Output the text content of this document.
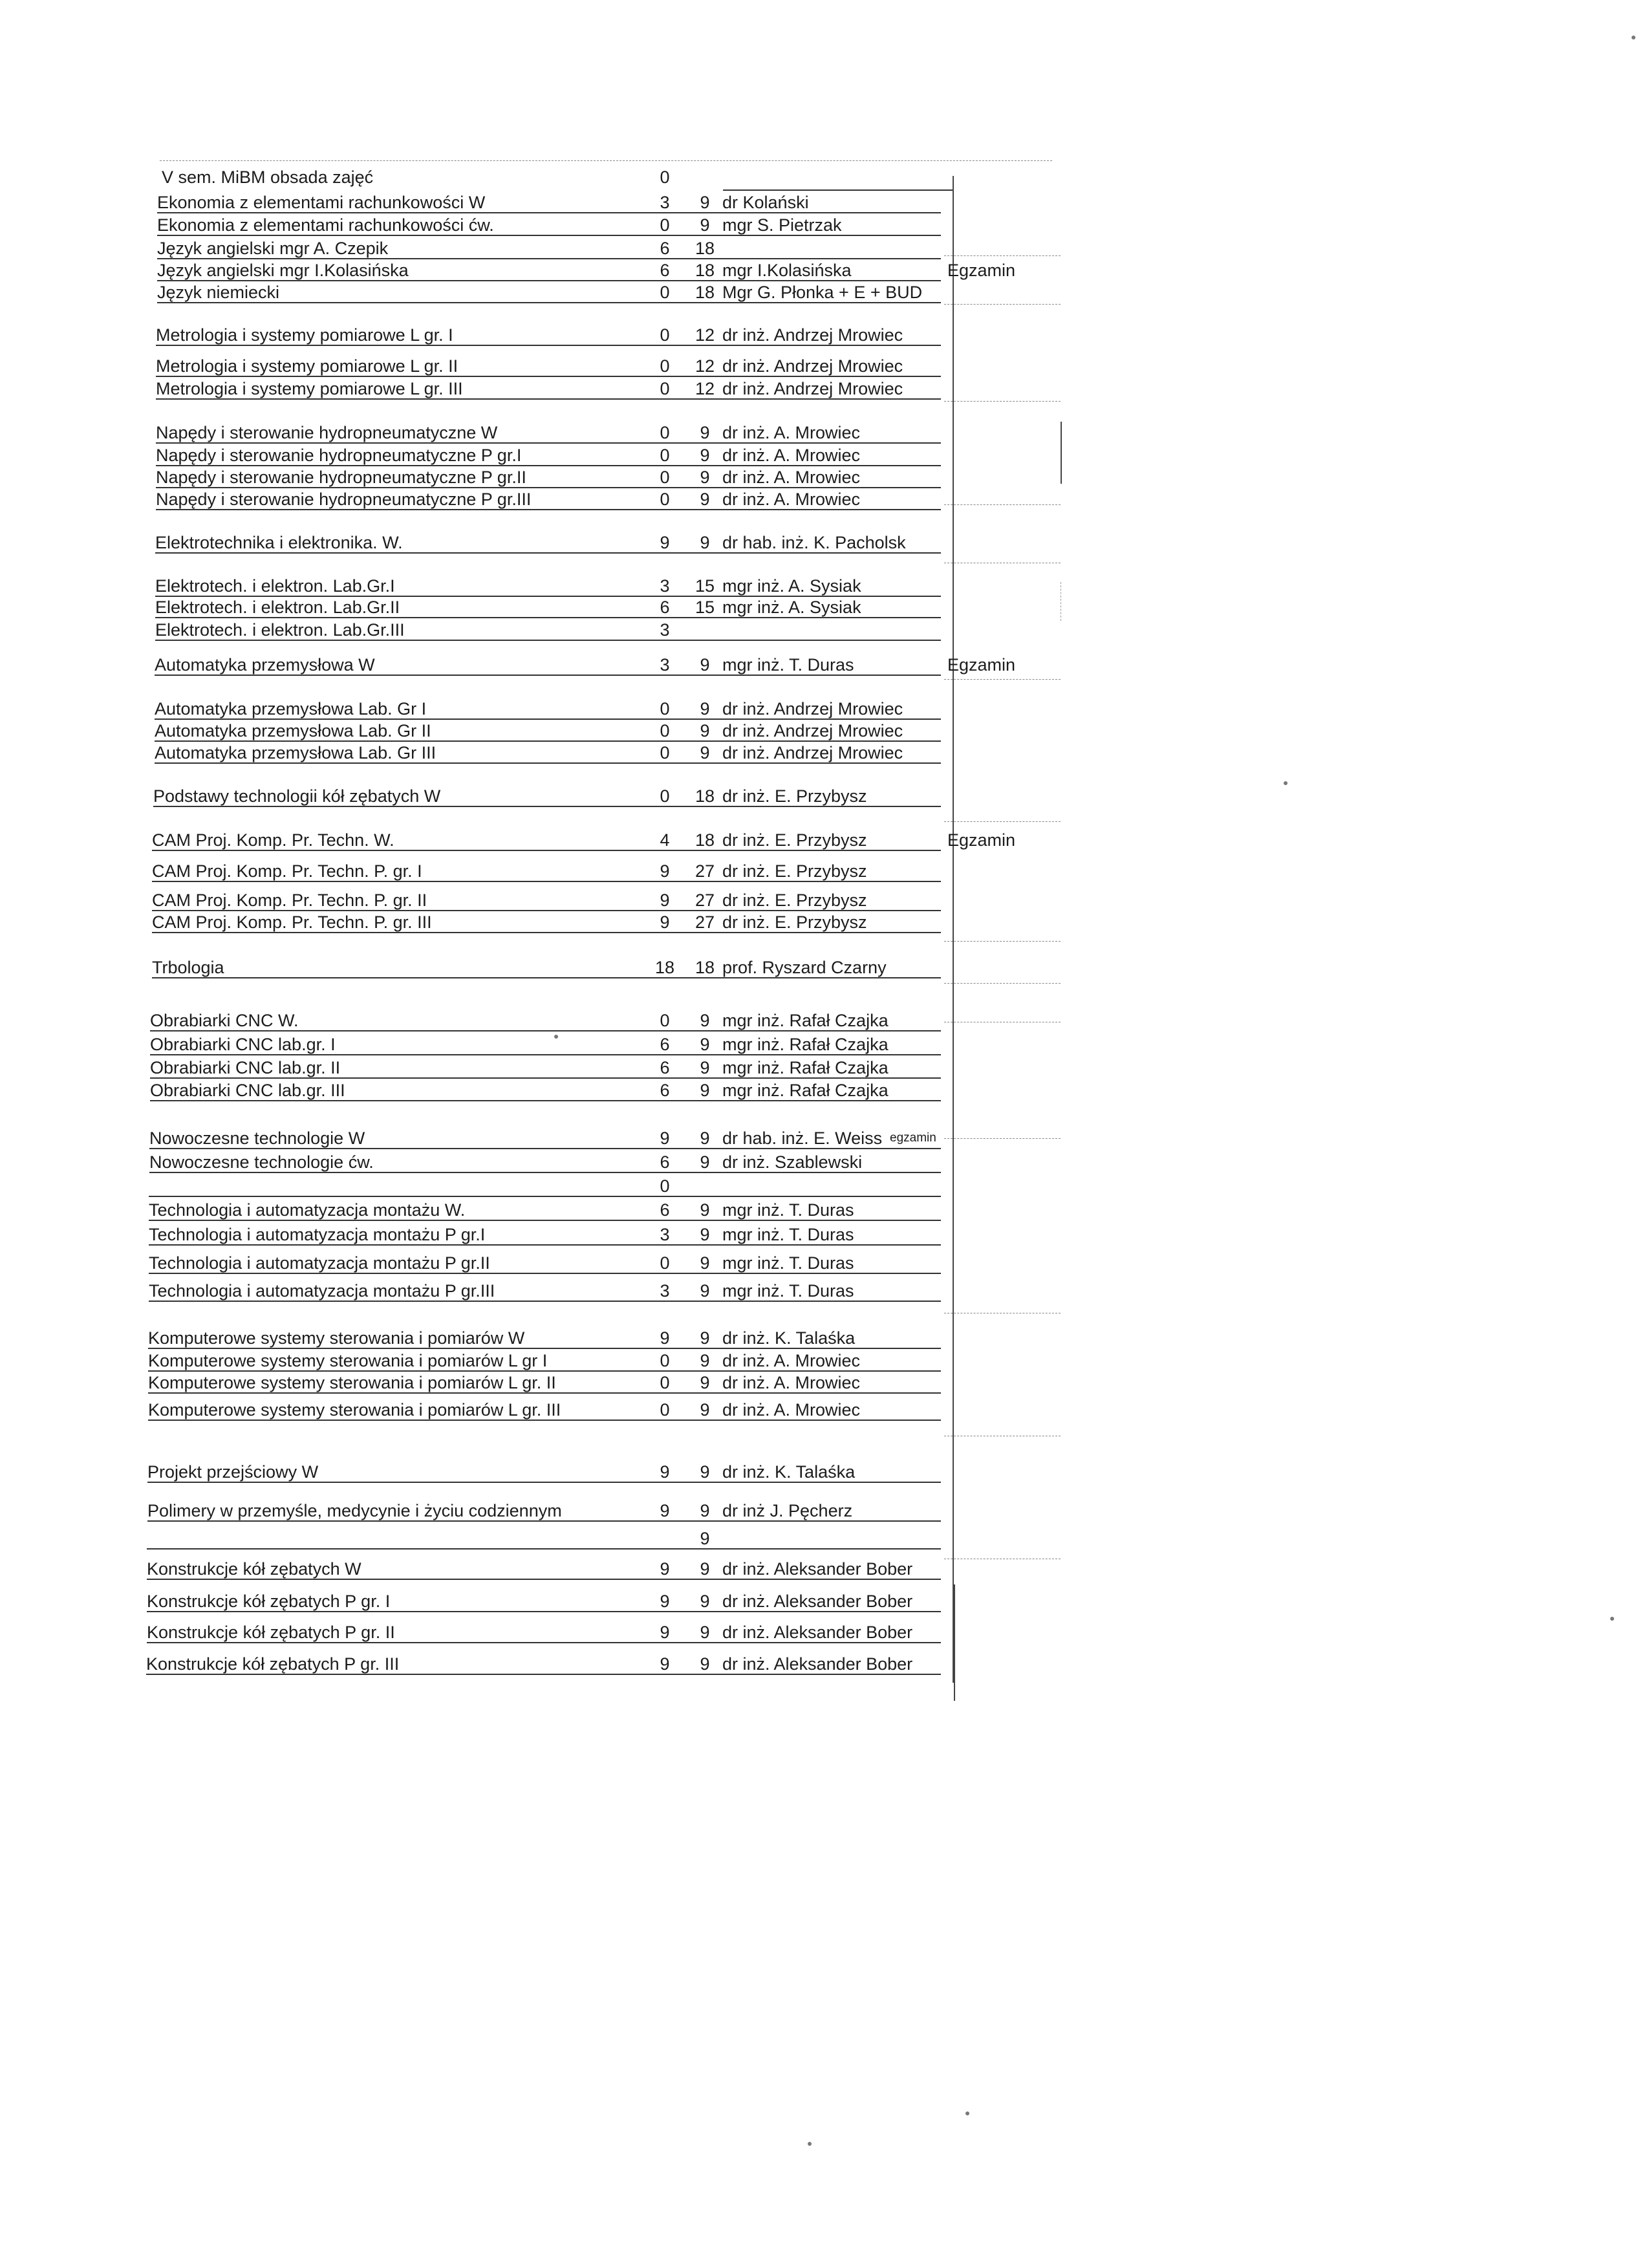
V sem. MiBM obsada zajęć	0
Ekonomia z elementami rachunkowości W	3	9 dr Kolański
Ekonomia z elementami rachunkowości ćw.	0	9 mgr S. Pietrzak
Język angielski mgr A. Czepik	6 18
Język angielski mgr I.Kolasińska	6 18 mgr I.Kolasińska	Egzamin
Język niemiecki	0 18 Mgr G. Płonka + E + BUD
Metrologia i systemy pomiarowe L gr. I	0 12 dr inż. Andrzej Mrowiec
Metrologia i systemy pomiarowe L gr. II	0 12 dr inż. Andrzej Mrowiec
Metrologia i systemy pomiarowe L gr. III	0 12 dr inż. Andrzej Mrowiec
Napędy i sterowanie hydropneumatyczne W	0	9 dr inż. A. Mrowiec
Napędy i sterowanie hydropneumatyczne P gr.I	0	9 dr inż. A. Mrowiec
Napędy i sterowanie hydropneumatyczne P gr.II	0	9 dr inż. A. Mrowiec
Napędy i sterowanie hydropneumatyczne P gr.III	0	9 dr inż. A. Mrowiec
Elektrotechnika i elektronika. W.	9	9 dr hab. inż. K. Pacholsk
Elektrotech. i elektron. Lab.Gr.I	3 15 mgr inż. A. Sysiak
Elektrotech. i elektron. Lab.Gr.II	6 15 mgr inż. A. Sysiak
Elektrotech. i elektron. Lab.Gr.III	3
Automatyka przemysłowa W	3	9 mgr inż. T. Duras	Egzamin
Automatyka przemysłowa Lab. Gr I	0	9 dr inż. Andrzej Mrowiec
Automatyka przemysłowa Lab. Gr II	0	9 dr inż. Andrzej Mrowiec
Automatyka przemysłowa Lab. Gr III	0	9 dr inż. Andrzej Mrowiec
Podstawy technologii kół zębatych W	0 18 dr inż. E. Przybysz
CAM Proj. Komp. Pr. Techn. W.	4 18 dr inż. E. Przybysz	Egzamin
CAM Proj. Komp. Pr. Techn. P. gr. I	9 27 dr inż. E. Przybysz
CAM Proj. Komp. Pr. Techn. P. gr. II	9 27 dr inż. E. Przybysz
CAM Proj. Komp. Pr. Techn. P. gr. III	9 27 dr inż. E. Przybysz
Trbologia	18 18 prof. Ryszard Czarny
Obrabiarki CNC W.	0	9 mgr inż. Rafał Czajka
Obrabiarki CNC lab.gr. I	6	9 mgr inż. Rafał Czajka
Obrabiarki CNC lab.gr. II	6	9 mgr inż. Rafał Czajka
Obrabiarki CNC lab.gr. III	6	9 mgr inż. Rafał Czajka
Nowoczesne technologie W	9	9 dr hab. inż. E. Weiss egzamin
Nowoczesne technologie ćw.	6	9 dr inż. Szablewski
0
Technologia i automatyzacja montażu W.	6	9 mgr inż. T. Duras
Technologia i automatyzacja montażu P gr.I	3	9 mgr inż. T. Duras
Technologia i automatyzacja montażu P gr.II	0	9 mgr inż. T. Duras
Technologia i automatyzacja montażu P gr.III	3	9 mgr inż. T. Duras
Komputerowe systemy sterowania i pomiarów W	9	9 dr inż. K. Talaśka
Komputerowe systemy sterowania i pomiarów L gr I	0	9 dr inż. A. Mrowiec
Komputerowe systemy sterowania i pomiarów L gr. II	0	9 dr inż. A. Mrowiec
Komputerowe systemy sterowania i pomiarów L gr. III	0	9 dr inż. A. Mrowiec
Projekt przejściowy W	9	9 dr inż. K. Talaśka
Polimery w przemyśle, medycynie i życiu codziennym	9	9 dr inż J. Pęcherz
9
Konstrukcje kół zębatych W	9	9 dr inż. Aleksander Bober
Konstrukcje kół zębatych P gr. I	9	9 dr inż. Aleksander Bober
Konstrukcje kół zębatych P gr. II	9	9 dr inż. Aleksander Bober
Konstrukcje kół zębatych P gr. III	9	9 dr inż. Aleksander Bober
